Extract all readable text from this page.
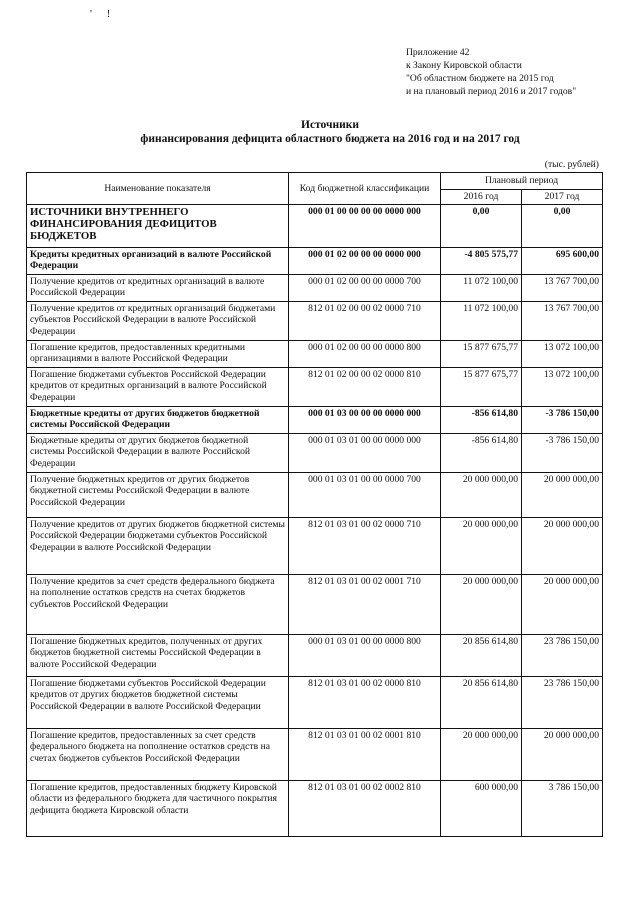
' !
Приложение 42
к Закону Кировской области
"Об областном бюджете на 2015 год
и на плановый период 2016 и 2017 годов"
Источники
финансирования дефицита областного бюджета на 2016 год и на 2017 год
(тыс. рублей)
Наименование показателя	Код бюджетной классификации	Плановый период	
		2016 год	2017 год
ИСТОЧНИКИ ВНУТРЕННЕГО ФИНАНСИРОВАНИЯ ДЕФИЦИТОВ БЮДЖЕТОВ	000 01 00 00 00 00 0000 000	0,00	0,00
Кредиты кредитных организаций в валюте Российской Федерации	000 01 02 00 00 00 0000 000	-4 805 575,77	695 600,00
Получение кредитов от кредитных организаций в валюте Российской Федерации	000 01 02 00 00 00 0000 700	11 072 100,00	13 767 700,00
Получение кредитов от кредитных организаций бюджетами субъектов Российской Федерации в валюте Российской Федерации	812 01 02 00 00 02 0000 710	11 072 100,00	13 767 700,00
Погашение кредитов, предоставленных кредитными организациями в валюте Российской Федерации	000 01 02 00 00 00 0000 800	15 877 675,77	13 072 100,00
Погашение бюджетами субъектов Российской Федерации кредитов от кредитных организаций в валюте Российской Федерации	812 01 02 00 00 02 0000 810	15 877 675,77	13 072 100,00
Бюджетные кредиты от других бюджетов бюджетной системы Российской Федерации	000 01 03 00 00 00 0000 000	-856 614,80	-3 786 150,00
Бюджетные кредиты от других бюджетов бюджетной системы Российской Федерации в валюте Российской Федерации	000 01 03 01 00 00 0000 000	-856 614,80	-3 786 150,00
Получение бюджетных кредитов от других бюджетов бюджетной системы Российской Федерации в валюте Российской Федерации	000 01 03 01 00 00 0000 700	20 000 000,00	20 000 000,00
Получение кредитов от других бюджетов бюджетной системы Российской Федерации бюджетами субъектов Российской Федерации в валюте Российской Федерации	812 01 03 01 00 02 0000 710	20 000 000,00	20 000 000,00
Получение кредитов за счет средств федерального бюджета на пополнение остатков средств на счетах бюджетов субъектов Российской Федерации	812 01 03 01 00 02 0001 710	20 000 000,00	20 000 000,00
Погашение бюджетных кредитов, полученных от других бюджетов бюджетной системы Российской Федерации в валюте Российской Федерации	000 01 03 01 00 00 0000 800	20 856 614,80	23 786 150,00
Погашение бюджетами субъектов Российской Федерации кредитов от других бюджетов бюджетной системы Российской Федерации в валюте Российской Федерации	812 01 03 01 00 02 0000 810	20 856 614,80	23 786 150,00
Погашение кредитов, предоставленных за счет средств федерального бюджета на пополнение остатков средств на счетах бюджетов субъектов Российской Федерации	812 01 03 01 00 02 0001 810	20 000 000,00	20 000 000,00
Погашение кредитов, предоставленных бюджету Кировской области из федерального бюджета для частичного покрытия дефицита бюджета Кировской области	812 01 03 01 00 02 0002 810	600 000,00	3 786 150,00
